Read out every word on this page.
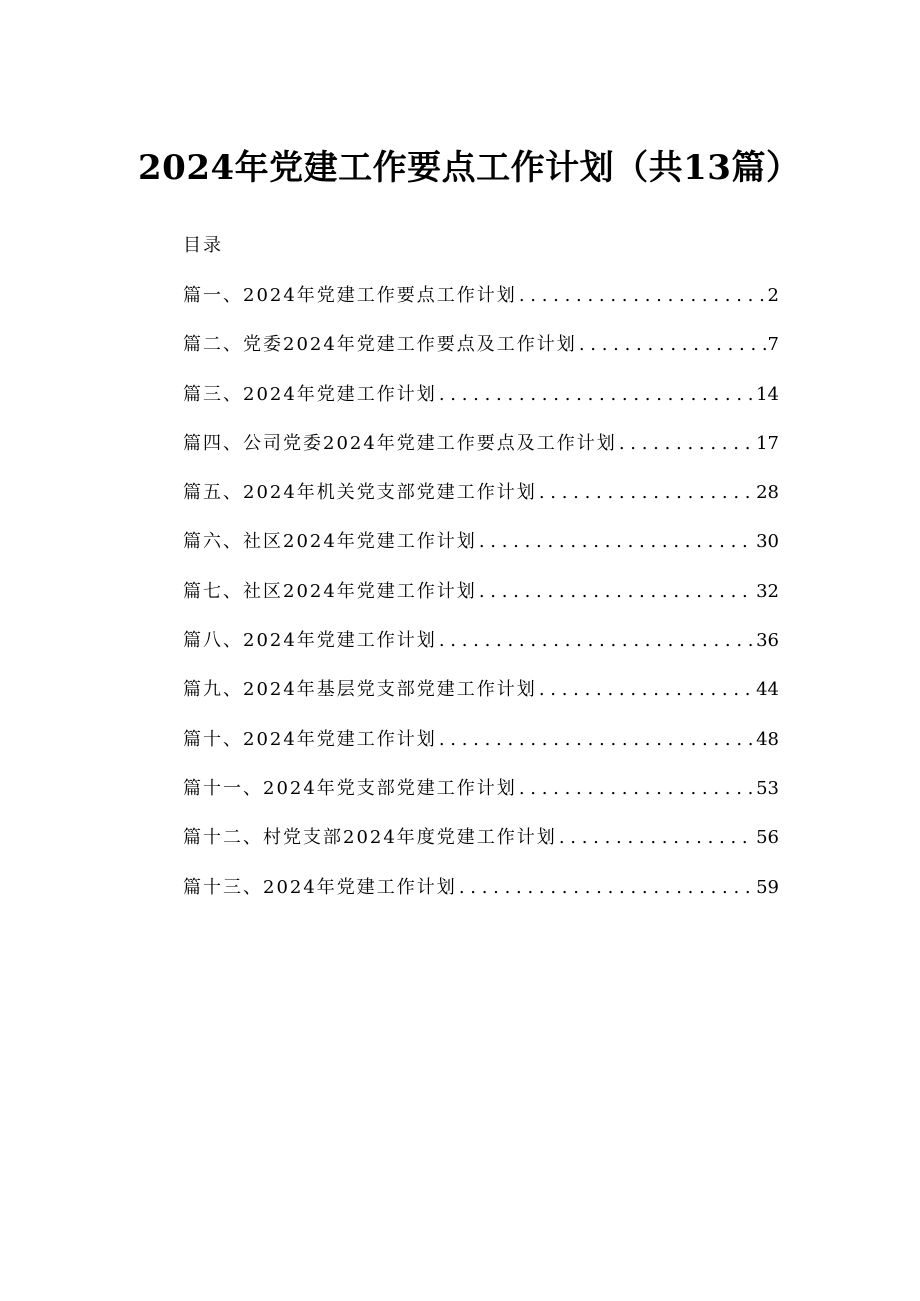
2024年党建工作要点工作计划（共13篇）
目录
篇一、2024年党建工作要点工作计划 . . .	2
篇二、党委2024年党建工作要点及工作计划 . . .	7
篇三、2024年党建工作计划 . . .	14
篇四、公司党委2024年党建工作要点及工作计划 . . .	17
篇五、2024年机关党支部党建工作计划 . . .	28
篇六、社区2024年党建工作计划 . . .	30
篇七、社区2024年党建工作计划 . . .	32
篇八、2024年党建工作计划 . . .	36
篇九、2024年基层党支部党建工作计划 . . .	44
篇十、2024年党建工作计划 . . .	48
篇十一、2024年党支部党建工作计划 . . .	53
篇十二、村党支部2024年度党建工作计划 . . .	56
篇十三、2024年党建工作计划 . . .	59
